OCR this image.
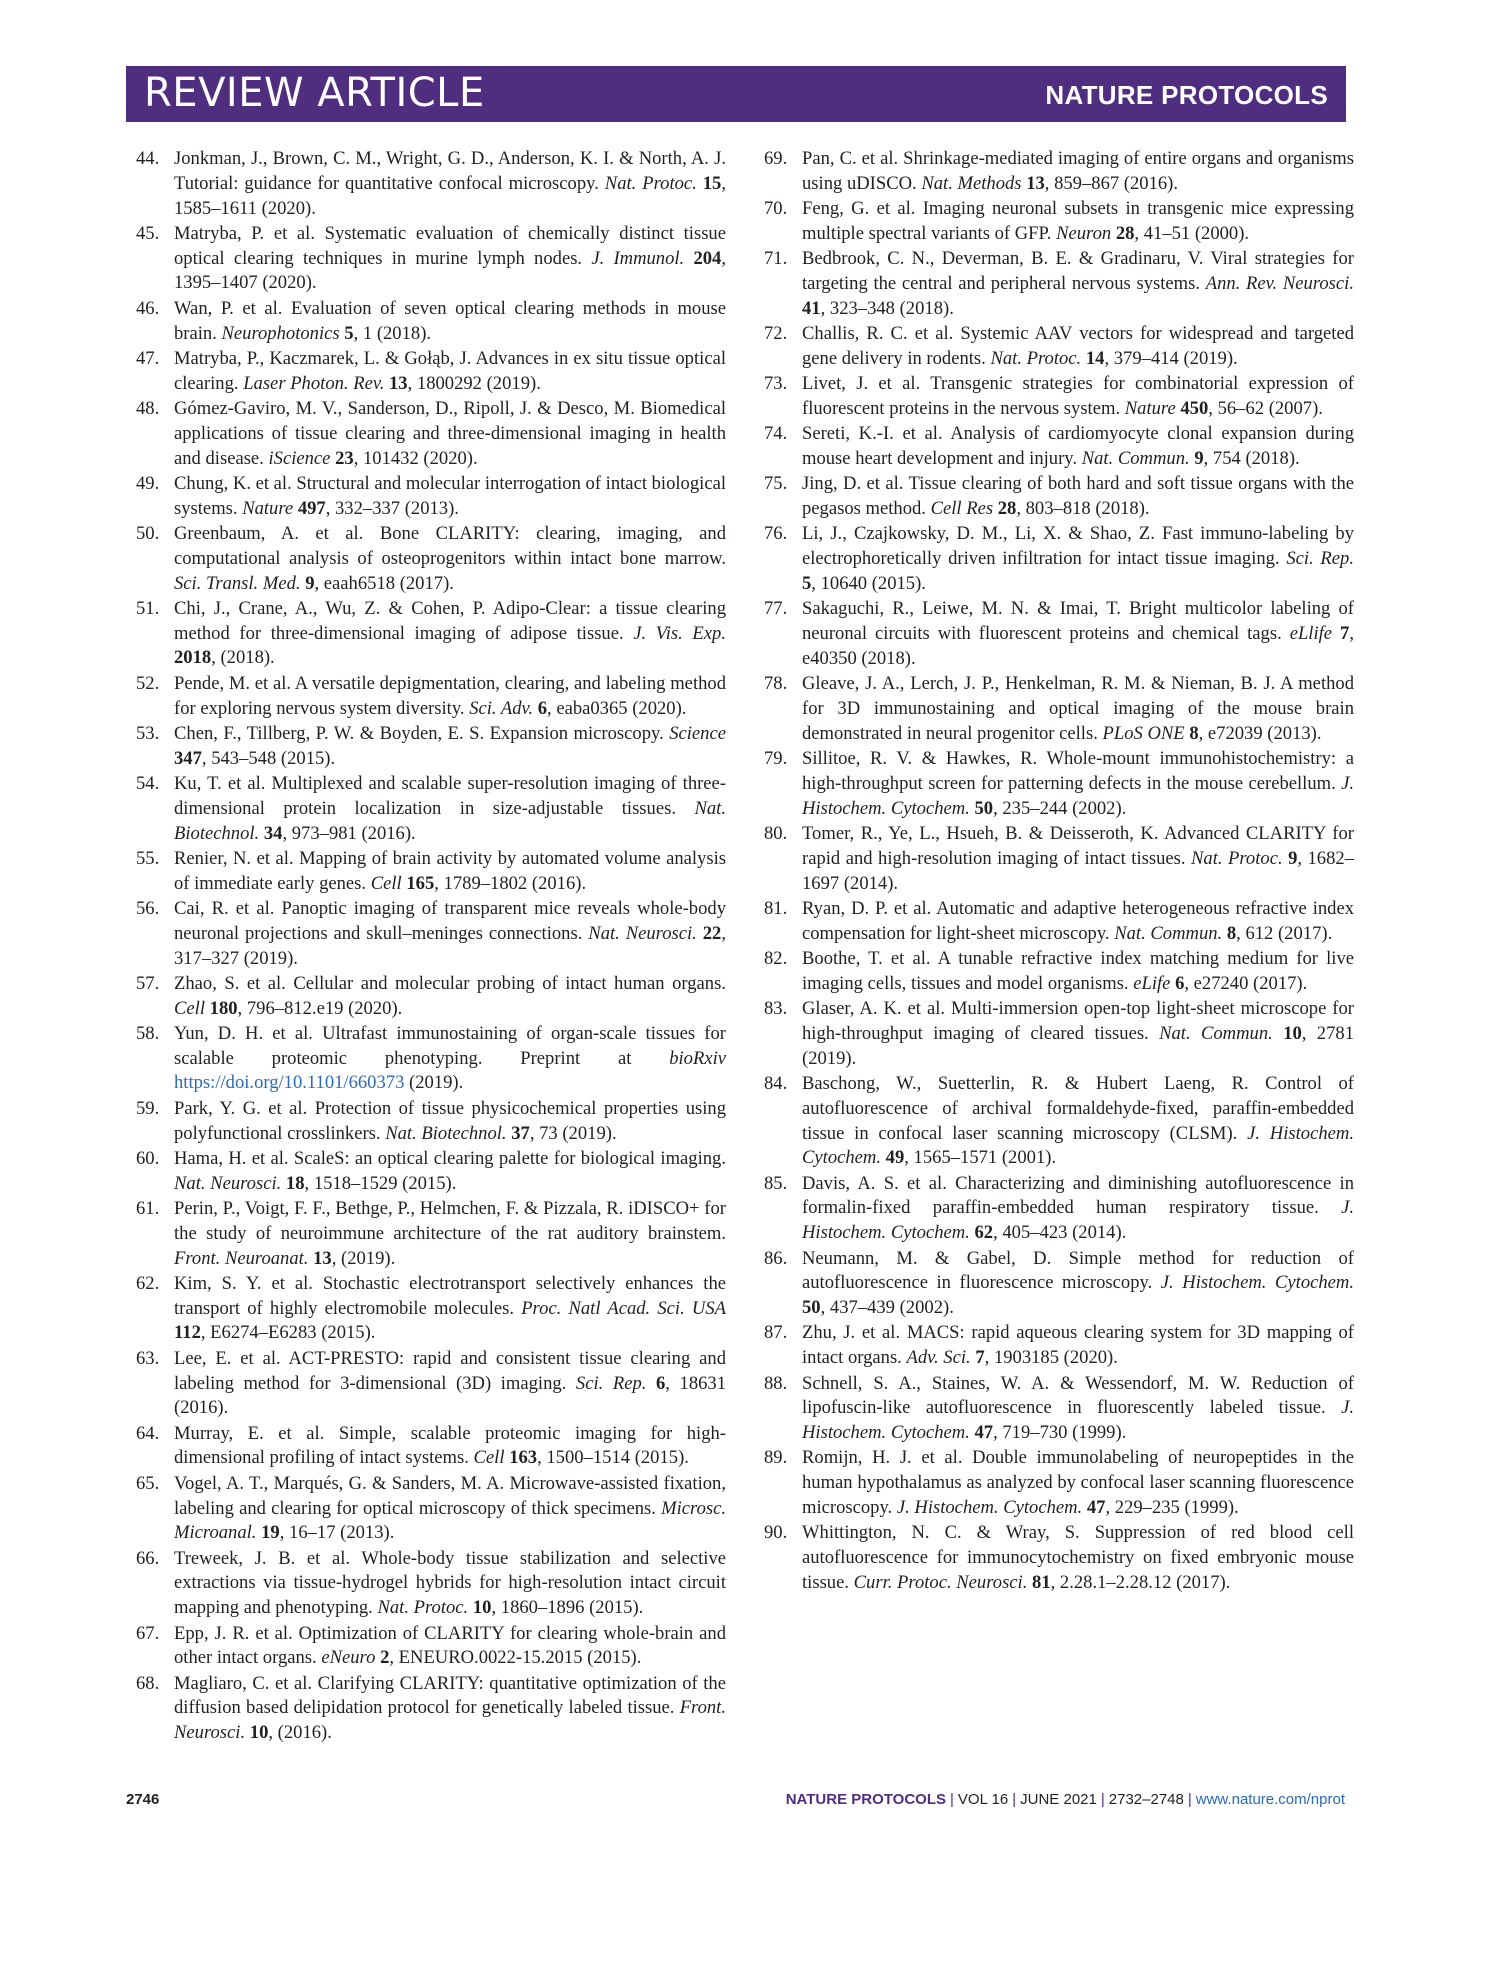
REVIEW ARTICLE	NATURE PROTOCOLS
44. Jonkman, J., Brown, C. M., Wright, G. D., Anderson, K. I. & North, A. J. Tutorial: guidance for quantitative confocal microscopy. Nat. Protoc. 15, 1585–1611 (2020).
45. Matryba, P. et al. Systematic evaluation of chemically distinct tissue optical clearing techniques in murine lymph nodes. J. Immunol. 204, 1395–1407 (2020).
46. Wan, P. et al. Evaluation of seven optical clearing methods in mouse brain. Neurophotonics 5, 1 (2018).
47. Matryba, P., Kaczmarek, L. & Gołąb, J. Advances in ex situ tissue optical clearing. Laser Photon. Rev. 13, 1800292 (2019).
48. Gómez-Gaviro, M. V., Sanderson, D., Ripoll, J. & Desco, M. Biomedical applications of tissue clearing and three-dimensional imaging in health and disease. iScience 23, 101432 (2020).
49. Chung, K. et al. Structural and molecular interrogation of intact biological systems. Nature 497, 332–337 (2013).
50. Greenbaum, A. et al. Bone CLARITY: clearing, imaging, and computational analysis of osteoprogenitors within intact bone marrow. Sci. Transl. Med. 9, eaah6518 (2017).
51. Chi, J., Crane, A., Wu, Z. & Cohen, P. Adipo-Clear: a tissue clearing method for three-dimensional imaging of adipose tissue. J. Vis. Exp. 2018, (2018).
52. Pende, M. et al. A versatile depigmentation, clearing, and labeling method for exploring nervous system diversity. Sci. Adv. 6, eaba0365 (2020).
53. Chen, F., Tillberg, P. W. & Boyden, E. S. Expansion microscopy. Science 347, 543–548 (2015).
54. Ku, T. et al. Multiplexed and scalable super-resolution imaging of three-dimensional protein localization in size-adjustable tissues. Nat. Biotechnol. 34, 973–981 (2016).
55. Renier, N. et al. Mapping of brain activity by automated volume analysis of immediate early genes. Cell 165, 1789–1802 (2016).
56. Cai, R. et al. Panoptic imaging of transparent mice reveals whole-body neuronal projections and skull–meninges connections. Nat. Neurosci. 22, 317–327 (2019).
57. Zhao, S. et al. Cellular and molecular probing of intact human organs. Cell 180, 796–812.e19 (2020).
58. Yun, D. H. et al. Ultrafast immunostaining of organ-scale tissues for scalable proteomic phenotyping. Preprint at bioRxiv https://doi.org/10.1101/660373 (2019).
59. Park, Y. G. et al. Protection of tissue physicochemical properties using polyfunctional crosslinkers. Nat. Biotechnol. 37, 73 (2019).
60. Hama, H. et al. ScaleS: an optical clearing palette for biological imaging. Nat. Neurosci. 18, 1518–1529 (2015).
61. Perin, P., Voigt, F. F., Bethge, P., Helmchen, F. & Pizzala, R. iDISCO+ for the study of neuroimmune architecture of the rat auditory brainstem. Front. Neuroanat. 13, (2019).
62. Kim, S. Y. et al. Stochastic electrotransport selectively enhances the transport of highly electromobile molecules. Proc. Natl Acad. Sci. USA 112, E6274–E6283 (2015).
63. Lee, E. et al. ACT-PRESTO: rapid and consistent tissue clearing and labeling method for 3-dimensional (3D) imaging. Sci. Rep. 6, 18631 (2016).
64. Murray, E. et al. Simple, scalable proteomic imaging for high-dimensional profiling of intact systems. Cell 163, 1500–1514 (2015).
65. Vogel, A. T., Marqués, G. & Sanders, M. A. Microwave-assisted fixation, labeling and clearing for optical microscopy of thick specimens. Microsc. Microanal. 19, 16–17 (2013).
66. Treweek, J. B. et al. Whole-body tissue stabilization and selective extractions via tissue-hydrogel hybrids for high-resolution intact circuit mapping and phenotyping. Nat. Protoc. 10, 1860–1896 (2015).
67. Epp, J. R. et al. Optimization of CLARITY for clearing whole-brain and other intact organs. eNeuro 2, ENEURO.0022-15.2015 (2015).
68. Magliaro, C. et al. Clarifying CLARITY: quantitative optimization of the diffusion based delipidation protocol for genetically labeled tissue. Front. Neurosci. 10, (2016).
69. Pan, C. et al. Shrinkage-mediated imaging of entire organs and organisms using uDISCO. Nat. Methods 13, 859–867 (2016).
70. Feng, G. et al. Imaging neuronal subsets in transgenic mice expressing multiple spectral variants of GFP. Neuron 28, 41–51 (2000).
71. Bedbrook, C. N., Deverman, B. E. & Gradinaru, V. Viral strategies for targeting the central and peripheral nervous systems. Ann. Rev. Neurosci. 41, 323–348 (2018).
72. Challis, R. C. et al. Systemic AAV vectors for widespread and targeted gene delivery in rodents. Nat. Protoc. 14, 379–414 (2019).
73. Livet, J. et al. Transgenic strategies for combinatorial expression of fluorescent proteins in the nervous system. Nature 450, 56–62 (2007).
74. Sereti, K.-I. et al. Analysis of cardiomyocyte clonal expansion during mouse heart development and injury. Nat. Commun. 9, 754 (2018).
75. Jing, D. et al. Tissue clearing of both hard and soft tissue organs with the pegasos method. Cell Res 28, 803–818 (2018).
76. Li, J., Czajkowsky, D. M., Li, X. & Shao, Z. Fast immuno-labeling by electrophoretically driven infiltration for intact tissue imaging. Sci. Rep. 5, 10640 (2015).
77. Sakaguchi, R., Leiwe, M. N. & Imai, T. Bright multicolor labeling of neuronal circuits with fluorescent proteins and chemical tags. eLlife 7, e40350 (2018).
78. Gleave, J. A., Lerch, J. P., Henkelman, R. M. & Nieman, B. J. A method for 3D immunostaining and optical imaging of the mouse brain demonstrated in neural progenitor cells. PLoS ONE 8, e72039 (2013).
79. Sillitoe, R. V. & Hawkes, R. Whole-mount immunohistochemistry: a high-throughput screen for patterning defects in the mouse cerebellum. J. Histochem. Cytochem. 50, 235–244 (2002).
80. Tomer, R., Ye, L., Hsueh, B. & Deisseroth, K. Advanced CLARITY for rapid and high-resolution imaging of intact tissues. Nat. Protoc. 9, 1682–1697 (2014).
81. Ryan, D. P. et al. Automatic and adaptive heterogeneous refractive index compensation for light-sheet microscopy. Nat. Commun. 8, 612 (2017).
82. Boothe, T. et al. A tunable refractive index matching medium for live imaging cells, tissues and model organisms. eLife 6, e27240 (2017).
83. Glaser, A. K. et al. Multi-immersion open-top light-sheet microscope for high-throughput imaging of cleared tissues. Nat. Commun. 10, 2781 (2019).
84. Baschong, W., Suetterlin, R. & Hubert Laeng, R. Control of autofluorescence of archival formaldehyde-fixed, paraffin-embedded tissue in confocal laser scanning microscopy (CLSM). J. Histochem. Cytochem. 49, 1565–1571 (2001).
85. Davis, A. S. et al. Characterizing and diminishing autofluorescence in formalin-fixed paraffin-embedded human respiratory tissue. J. Histochem. Cytochem. 62, 405–423 (2014).
86. Neumann, M. & Gabel, D. Simple method for reduction of autofluorescence in fluorescence microscopy. J. Histochem. Cytochem. 50, 437–439 (2002).
87. Zhu, J. et al. MACS: rapid aqueous clearing system for 3D mapping of intact organs. Adv. Sci. 7, 1903185 (2020).
88. Schnell, S. A., Staines, W. A. & Wessendorf, M. W. Reduction of lipofuscin-like autofluorescence in fluorescently labeled tissue. J. Histochem. Cytochem. 47, 719–730 (1999).
89. Romijn, H. J. et al. Double immunolabeling of neuropeptides in the human hypothalamus as analyzed by confocal laser scanning fluorescence microscopy. J. Histochem. Cytochem. 47, 229–235 (1999).
90. Whittington, N. C. & Wray, S. Suppression of red blood cell autofluorescence for immunocytochemistry on fixed embryonic mouse tissue. Curr. Protoc. Neurosci. 81, 2.28.1–2.28.12 (2017).
2746	NATURE PROTOCOLS | VOL 16 | JUNE 2021 | 2732–2748 | www.nature.com/nprot
